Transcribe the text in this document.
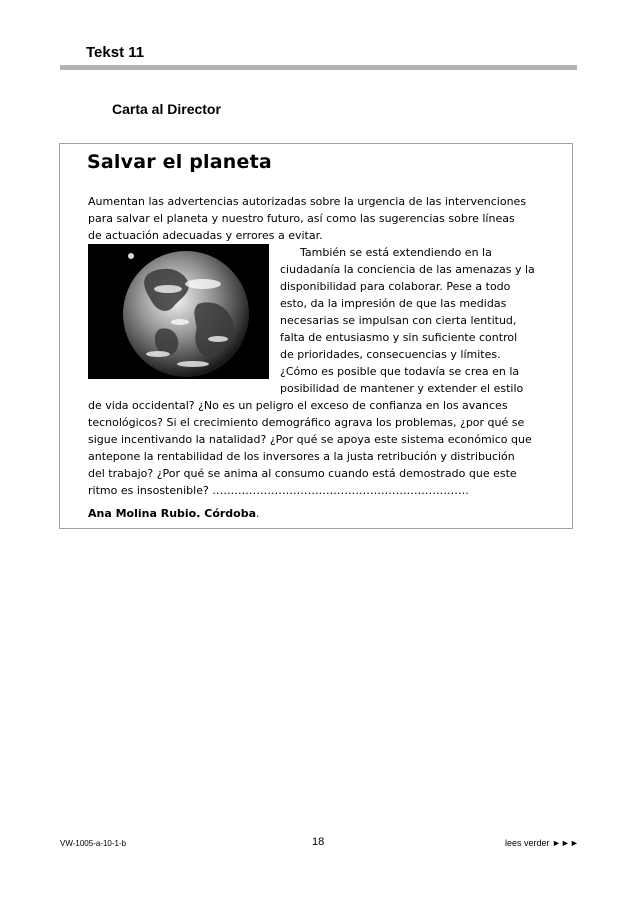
Tekst 11
Carta al Director
Salvar el planeta
Aumentan las advertencias autorizadas sobre la urgencia de las intervenciones
para salvar el planeta y nuestro futuro, así como las sugerencias sobre líneas
de actuación adecuadas y errores a evitar.
También se está extendiendo en la
ciudadanía la conciencia de las amenazas y la
disponibilidad para colaborar. Pese a todo
esto, da la impresión de que las medidas
necesarias se impulsan con cierta lentitud,
falta de entusiasmo y sin suficiente control
de prioridades, consecuencias y límites.
¿Cómo es posible que todavía se crea en la
posibilidad de mantener y extender el estilo
de vida occidental? ¿No es un peligro el exceso de confianza en los avances
tecnológicos? Si el crecimiento demográfico agrava los problemas, ¿por qué se
sigue incentivando la natalidad? ¿Por qué se apoya este sistema económico que
antepone la rentabilidad de los inversores a la justa retribución y distribución
del trabajo? ¿Por qué se anima al consumo cuando está demostrado que este
ritmo es insostenible? …………………………………………………………….
Ana Molina Rubio. Córdoba.
VW-1005-a-10-1-b	18	lees verder ►►►
